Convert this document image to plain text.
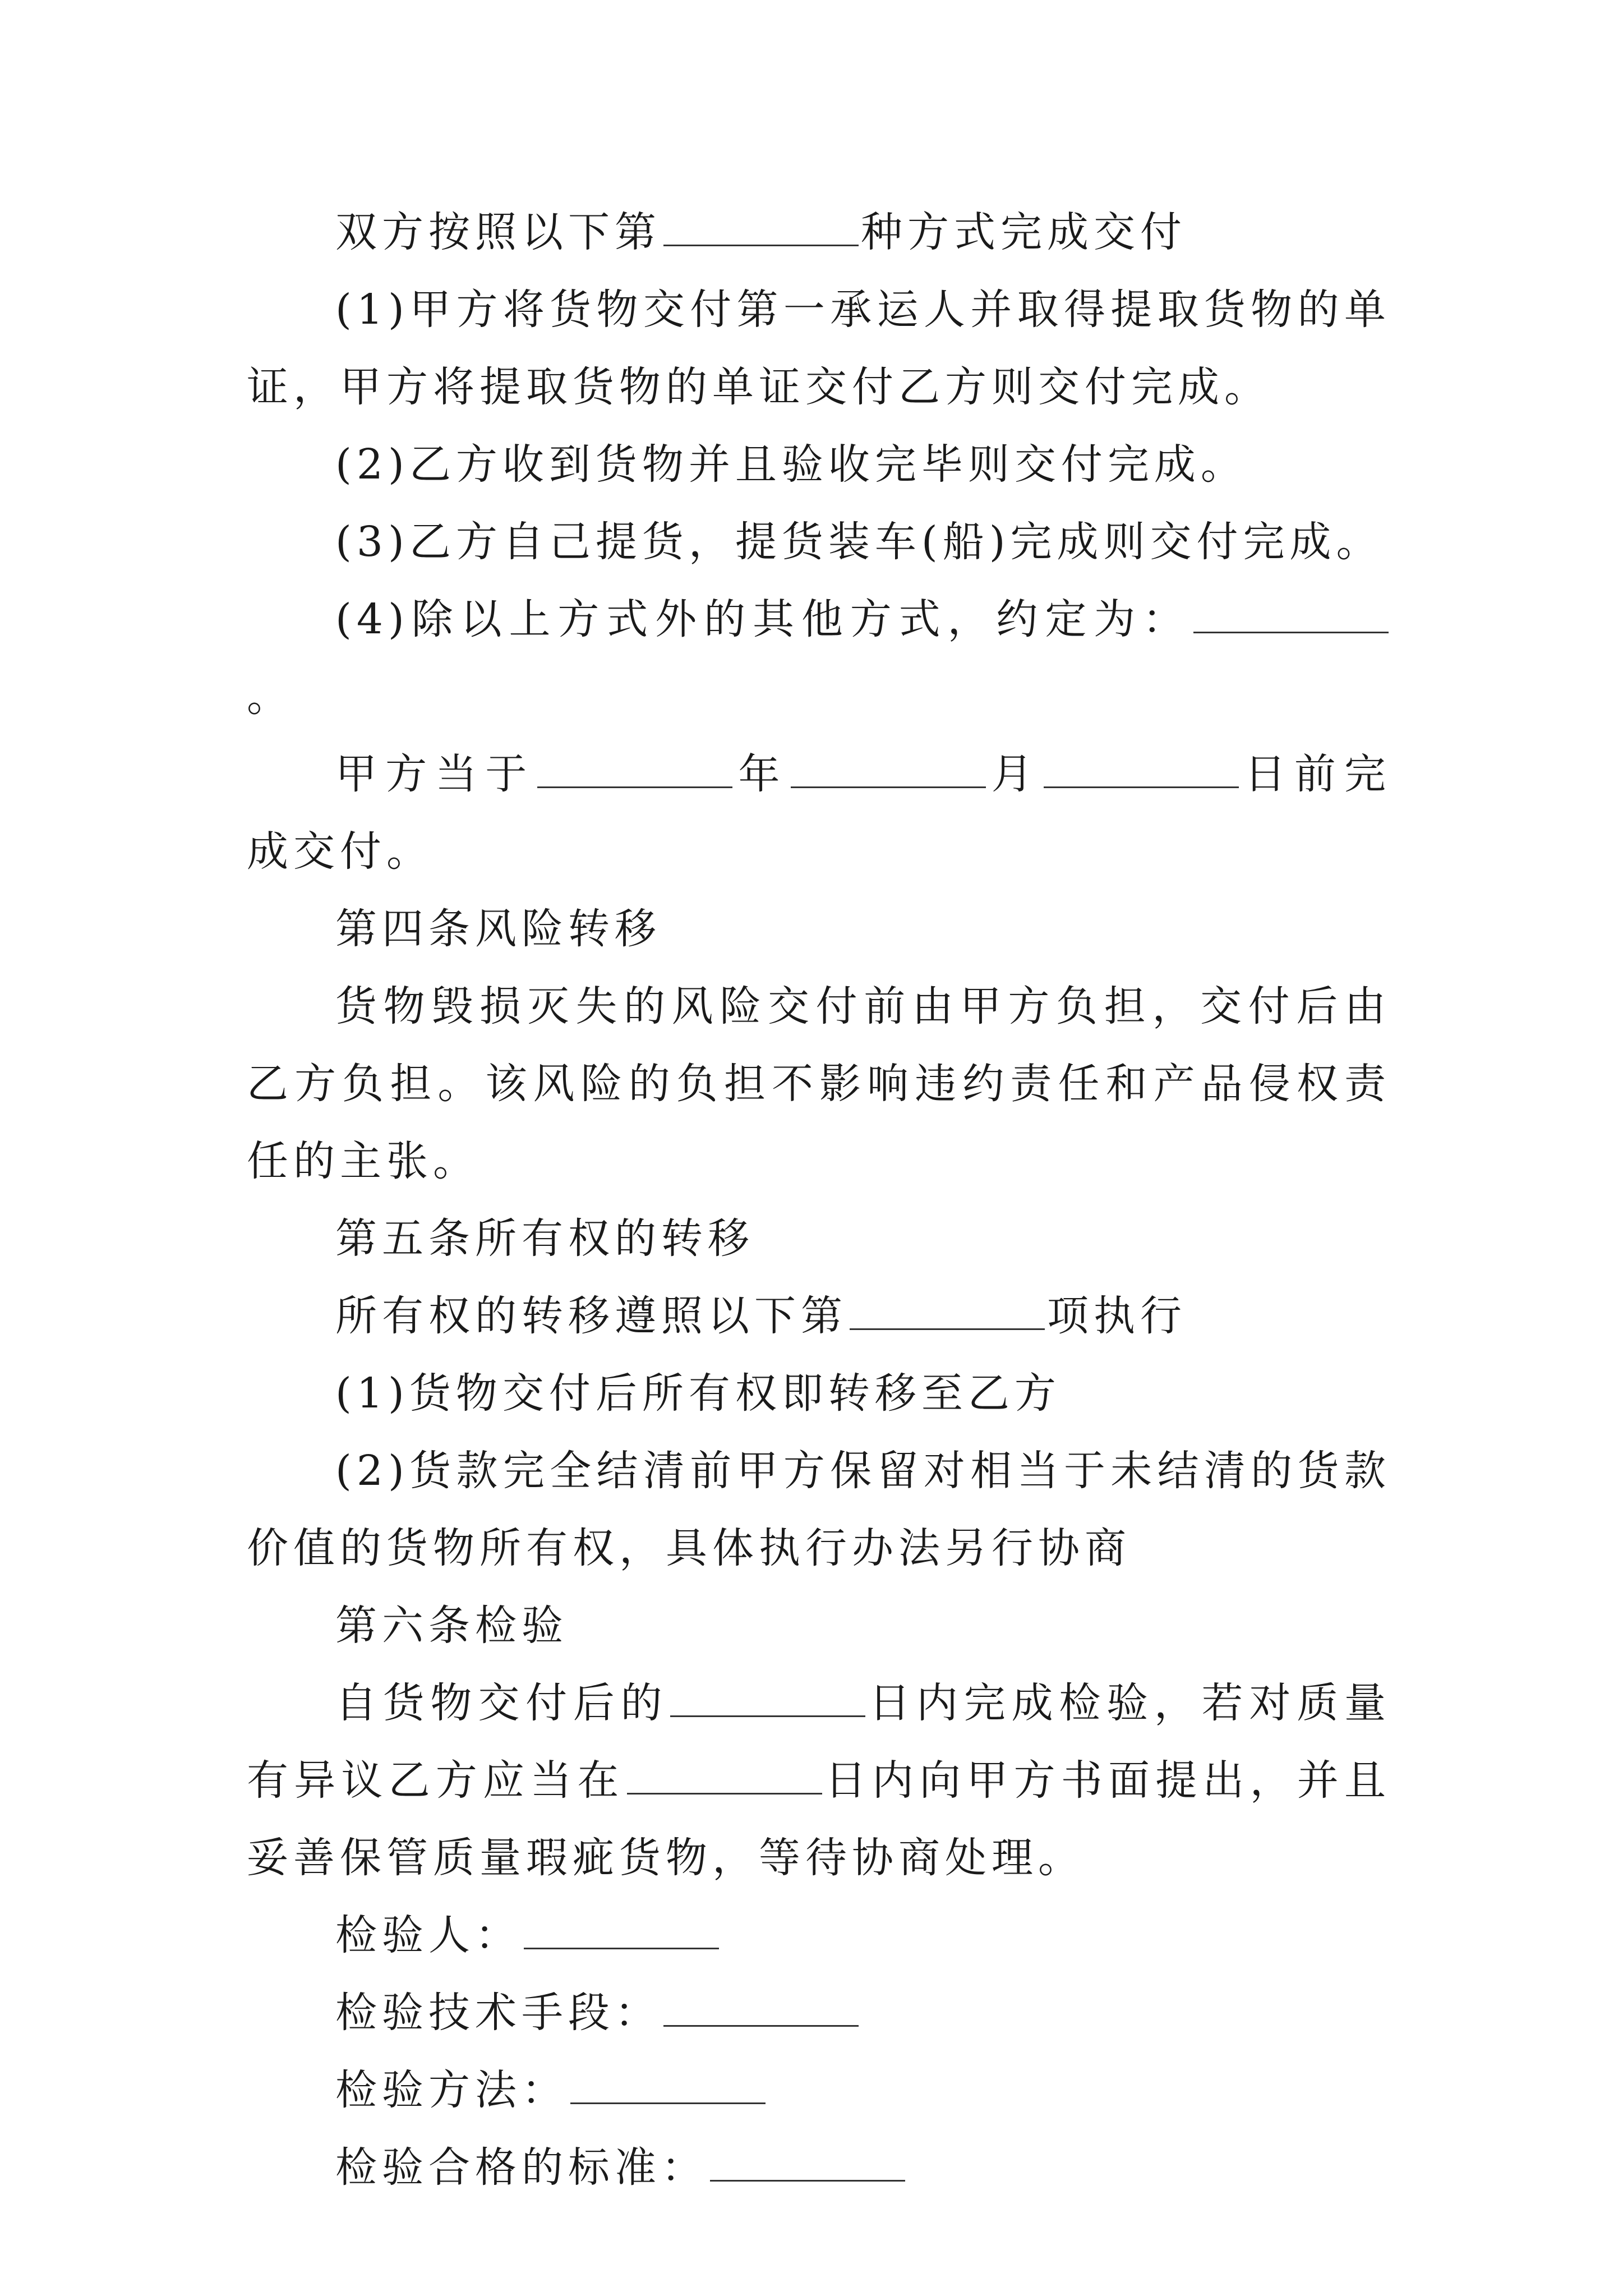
双方按照以下第	种方式完成交付

(1)甲方将货物交付第一承运人并取得提取货物的单证，甲方将提取货物的单证交付乙方则交付完成。

(2)乙方收到货物并且验收完毕则交付完成。

(3)乙方自己提货，提货装车(船)完成则交付完成。

(4)除以上方式外的其他方式，约定为：。

甲方当于	年	月	日前完成交付。

第四条风险转移

货物毁损灭失的风险交付前由甲方负担，交付后由乙方负担。该风险的负担不影响违约责任和产品侵权责任的主张。

第五条所有权的转移

所有权的转移遵照以下第	项执行

(1)货物交付后所有权即转移至乙方

(2)货款完全结清前甲方保留对相当于未结清的货款价值的货物所有权，具体执行办法另行协商

第六条检验

自货物交付后的	日内完成检验，若对质量有异议乙方应当在	日内向甲方书面提出，并且妥善保管质量瑕疵货物，等待协商处理。

检验人：

检验技术手段：

检验方法：

检验合格的标准：
